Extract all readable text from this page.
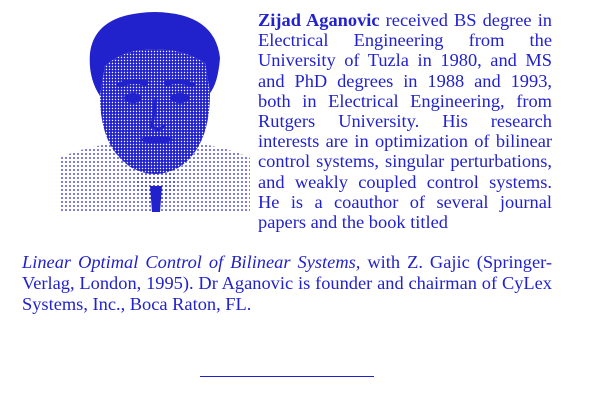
Zijad Aganovic received BS degree in Electrical Engineering from the University of Tuzla in 1980, and MS and PhD degrees in 1988 and 1993, both in Electrical Engineering, from Rutgers University. His research interests are in optimization of bilinear control systems, singular perturbations, and weakly coupled control systems. He is a coauthor of several journal papers and the book titled
Linear Optimal Control of Bilinear Systems, with Z. Gajic (Springer-Verlag, London, 1995). Dr Aganovic is founder and chairman of CyLex Systems, Inc., Boca Raton, FL.
